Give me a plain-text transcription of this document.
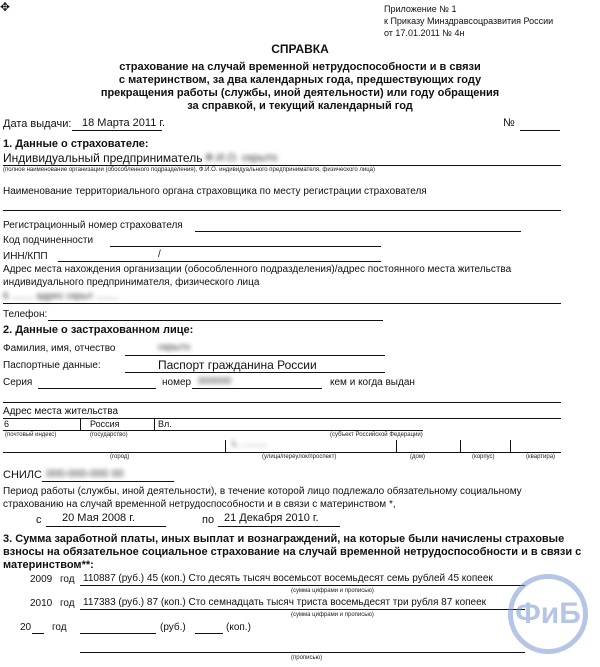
✥	Приложение № 1
к Приказу Минздравсоцразвития России
от 17.01.2011 № 4н
СПРАВКА
страхование на случай временной нетрудоспособности и в связи
с материнством, за два календарных года, предшествующих году
прекращения работы (службы, иной деятельности) или году обращения
за справкой, и текущий календарный год
Дата выдачи: 18 Марта 2011 г.	№
1. Данные о страхователе:
Индивидуальный предприниматель Ф.И.О. скрыто
(полное наименование организации (обособленного подразделения), Ф.И.О. индивидуального предпринимателя, физического лица)
Наименование территориального органа страховщика по месту регистрации страхователя
Регистрационный номер страхователя
Код подчиненности
ИНН/КПП	/
Адрес места нахождения организации (обособленного подразделения)/адрес постоянного места жительства
индивидуального предпринимателя, физического лица
6 ........ адрес скрыт ........
Телефон:
2. Данные о застрахованном лице:
Фамилия, имя, отчество	скрыто
Паспортные данные:	Паспорт гражданина России
Серия	номер 000000	кем и когда выдан
Адрес места жительства
6	Россия	Вл.
(почтовый индекс)	(государство)	(субъект Российской Федерации)
L. ..........
(город)	(улица/переулок/проспект)	(дом)	(корпус)	(квартира)
СНИЛС 000-000-000 00
Период работы (службы, иной деятельности), в течение которой лицо подлежало обязательному социальному
страхованию на случай временной нетрудоспособности и в связи с материнством *,
с 20 Мая 2008 г.	по 21 Декабря 2010 г.
3. Сумма заработной платы, иных выплат и вознаграждений, на которые были начислены страховые
взносы на обязательное социальное страхование на случай временной нетрудоспособности и в связи с
материнством**:
2009 год 110887 (руб.) 45 (коп.) Сто десять тысяч восемьсот восемьдесят семь рублей 45 копеек
(сумма цифрами и прописью)
2010 год 117383 (руб.) 87 (коп.) Сто семнадцать тысяч триста восемьдесят три рубля 87 копеек
(сумма цифрами и прописью)
20 год	(руб.)	(коп.)
(прописью)
ФиБ
